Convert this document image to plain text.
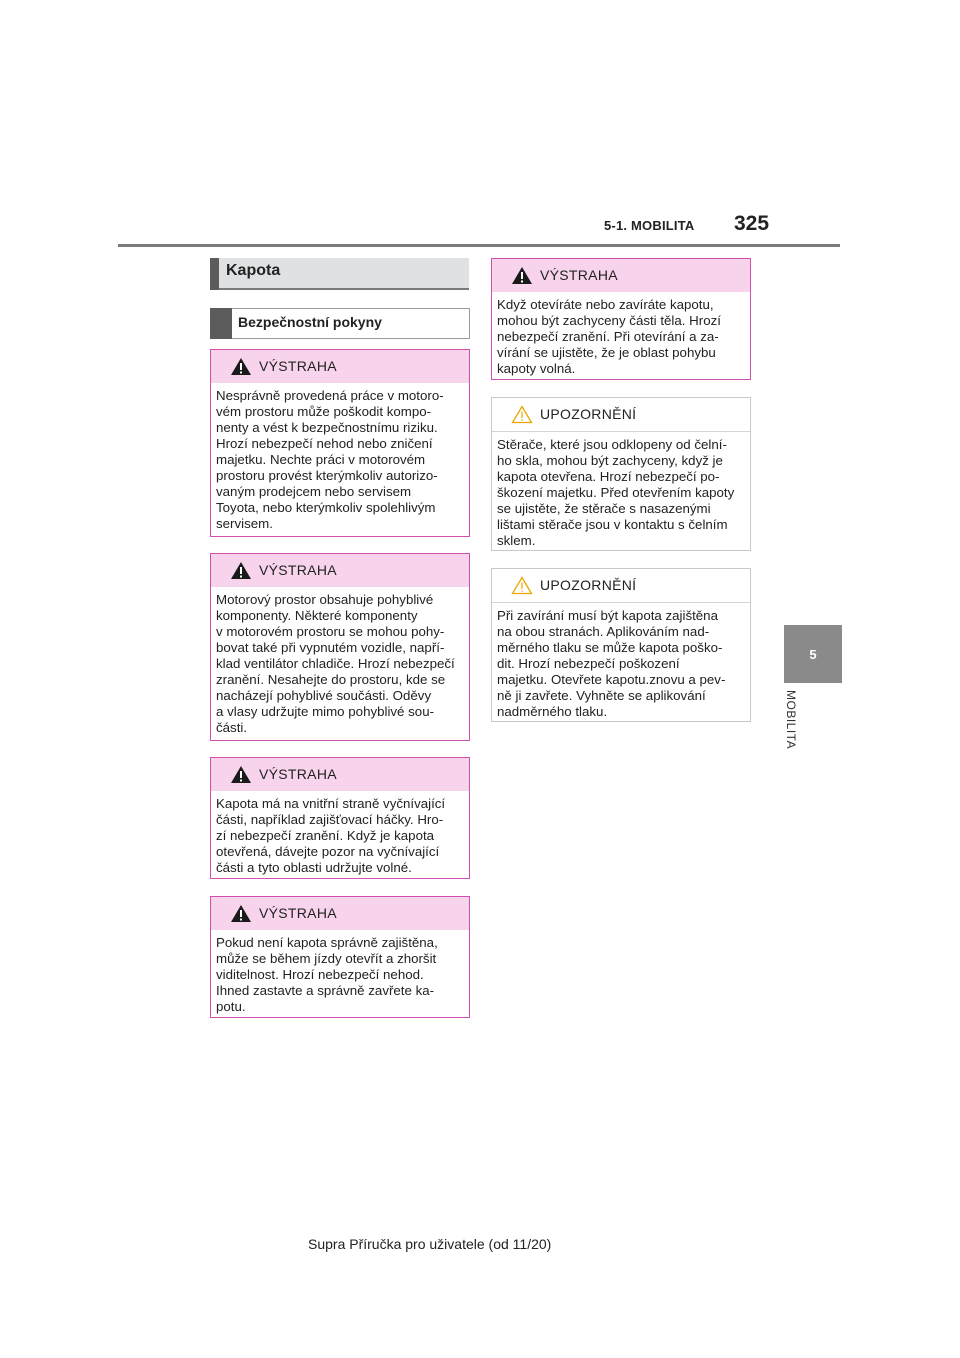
5-1. MOBILITA 325
5
MOBILITA
Kapota
Bezpečnostní pokyny
VÝSTRAHA
Nesprávně provedená práce v motoro-
vém prostoru může poškodit kompo-
nenty a vést k bezpečnostnímu riziku.
Hrozí nebezpečí nehod nebo zničení
majetku. Nechte práci v motorovém
prostoru provést kterýmkoliv autorizo-
vaným prodejcem nebo servisem
Toyota, nebo kterýmkoliv spolehlivým
servisem.
VÝSTRAHA
Motorový prostor obsahuje pohyblivé
komponenty. Některé komponenty
v motorovém prostoru se mohou pohy-
bovat také při vypnutém vozidle, napří-
klad ventilátor chladiče. Hrozí nebezpečí
zranění. Nesahejte do prostoru, kde se
nacházejí pohyblivé součásti. Oděvy
a vlasy udržujte mimo pohyblivé sou-
části.
VÝSTRAHA
Kapota má na vnitřní straně vyčnívající
části, například zajišťovací háčky. Hro-
zí nebezpečí zranění. Když je kapota
otevřená, dávejte pozor na vyčnívající
části a tyto oblasti udržujte volné.
VÝSTRAHA
Pokud není kapota správně zajištěna,
může se během jízdy otevřít a zhoršit
viditelnost. Hrozí nebezpečí nehod.
Ihned zastavte a správně zavřete ka-
potu.
VÝSTRAHA
Když otevíráte nebo zavíráte kapotu,
mohou být zachyceny části těla. Hrozí
nebezpečí zranění. Při otevírání a za-
vírání se ujistěte, že je oblast pohybu
kapoty volná.
UPOZORNĚNÍ
Stěrače, které jsou odklopeny od čelní-
ho skla, mohou být zachyceny, když je
kapota otevřena. Hrozí nebezpečí po-
škození majetku. Před otevřením kapoty
se ujistěte, že stěrače s nasazenými
lištami stěrače jsou v kontaktu s čelním
sklem.
UPOZORNĚNÍ
Při zavírání musí být kapota zajištěna
na obou stranách. Aplikováním nad-
měrného tlaku se může kapota poško-
dit. Hrozí nebezpečí poškození
majetku. Otevřete kapotu.znovu a pev-
ně ji zavřete. Vyhněte se aplikování
nadměrného tlaku.
Supra Příručka pro uživatele (od 11/20)
